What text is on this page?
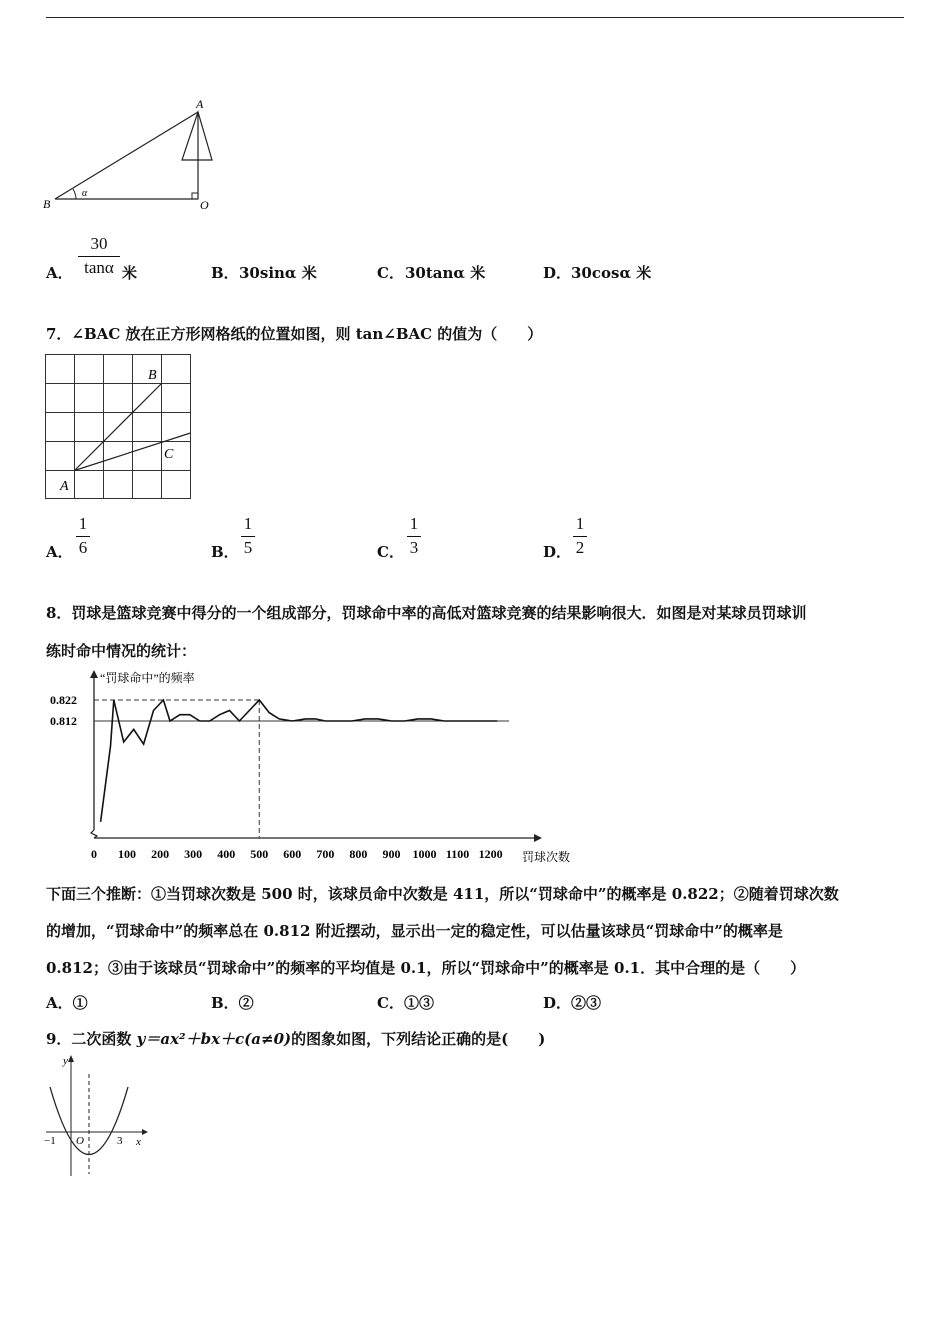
A
B	O
α
A．
30
tanα 米	B． 30sinα 米	C． 30tanα 米	D． 30cosα 米
7．∠BAC 放在正方形网格纸的位置如图，则 tan∠BAC 的值为（　　）
A
B
C
A．
1
6	B．
1
5	C．
1
3	D．
1
2
8．罚球是篮球竞赛中得分的一个组成部分，罚球命中率的高低对篮球竞赛的结果影响很大．如图是对某球员罚球训
练时命中情况的统计：
0 100 200 300 400 500 600 700 800 900 1000 1100 1200
0.822
0.812
“罚球命中”的频率
罚球次数
下面三个推断：①当罚球次数是 500 时，该球员命中次数是 411，所以“罚球命中”的概率是 0.822；②随着罚球次数
的增加，“罚球命中”的频率总在 0.812 附近摆动，显示出一定的稳定性，可以估量该球员“罚球命中”的概率是
0.812；③由于该球员“罚球命中”的频率的平均值是 0.1，所以“罚球命中”的概率是 0.1．其中合理的是（　　）
A．①	B．②	C．①③	D．②③
9．二次函数 y＝ax²＋bx＋c(a≠0)的图象如图，下列结论正确的是(　　)
y
x
O
−1	3
